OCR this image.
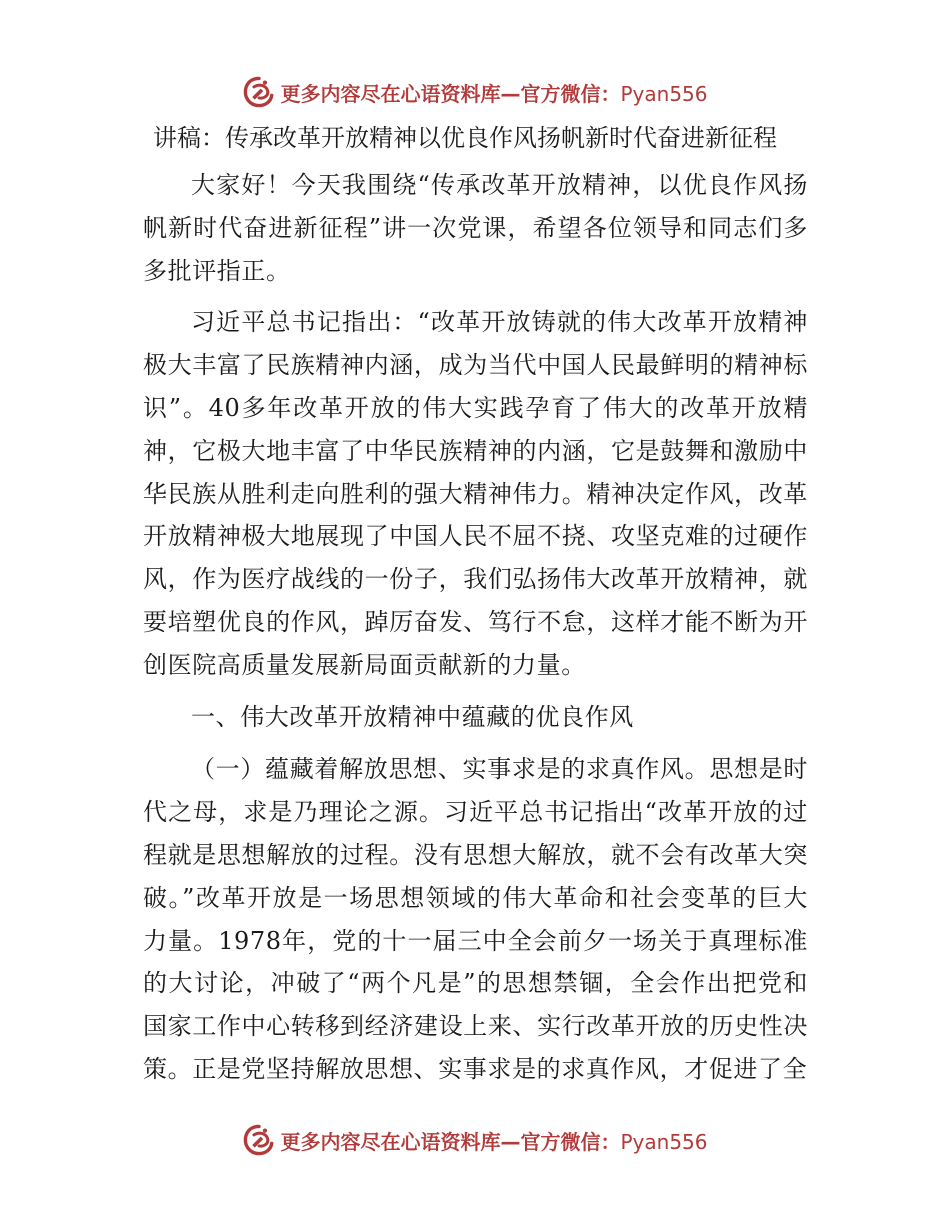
更多内容尽在心语资料库—官方微信：Pyan556
讲稿：传承改革开放精神以优良作风扬帆新时代奋进新征程

大家好！今天我围绕“传承改革开放精神，以优良作风扬帆新时代奋进新征程”讲一次党课，希望各位领导和同志们多多批评指正。

习近平总书记指出：“改革开放铸就的伟大改革开放精神极大丰富了民族精神内涵，成为当代中国人民最鲜明的精神标识”。40多年改革开放的伟大实践孕育了伟大的改革开放精神，它极大地丰富了中华民族精神的内涵，它是鼓舞和激励中华民族从胜利走向胜利的强大精神伟力。精神决定作风，改革开放精神极大地展现了中国人民不屈不挠、攻坚克难的过硬作风，作为医疗战线的一份子，我们弘扬伟大改革开放精神，就要培塑优良的作风，踔厉奋发、笃行不怠，这样才能不断为开创医院高质量发展新局面贡献新的力量。

一、伟大改革开放精神中蕴藏的优良作风

（一）蕴藏着解放思想、实事求是的求真作风。思想是时代之母，求是乃理论之源。习近平总书记指出“改革开放的过程就是思想解放的过程。没有思想大解放，就不会有改革大突破。”改革开放是一场思想领域的伟大革命和社会变革的巨大力量。1978年，党的十一届三中全会前夕一场关于真理标准的大讨论，冲破了“两个凡是”的思想禁锢，全会作出把党和国家工作中心转移到经济建设上来、实行改革开放的历史性决策。正是党坚持解放思想、实事求是的求真作风，才促进了全

更多内容尽在心语资料库—官方微信：Pyan556
